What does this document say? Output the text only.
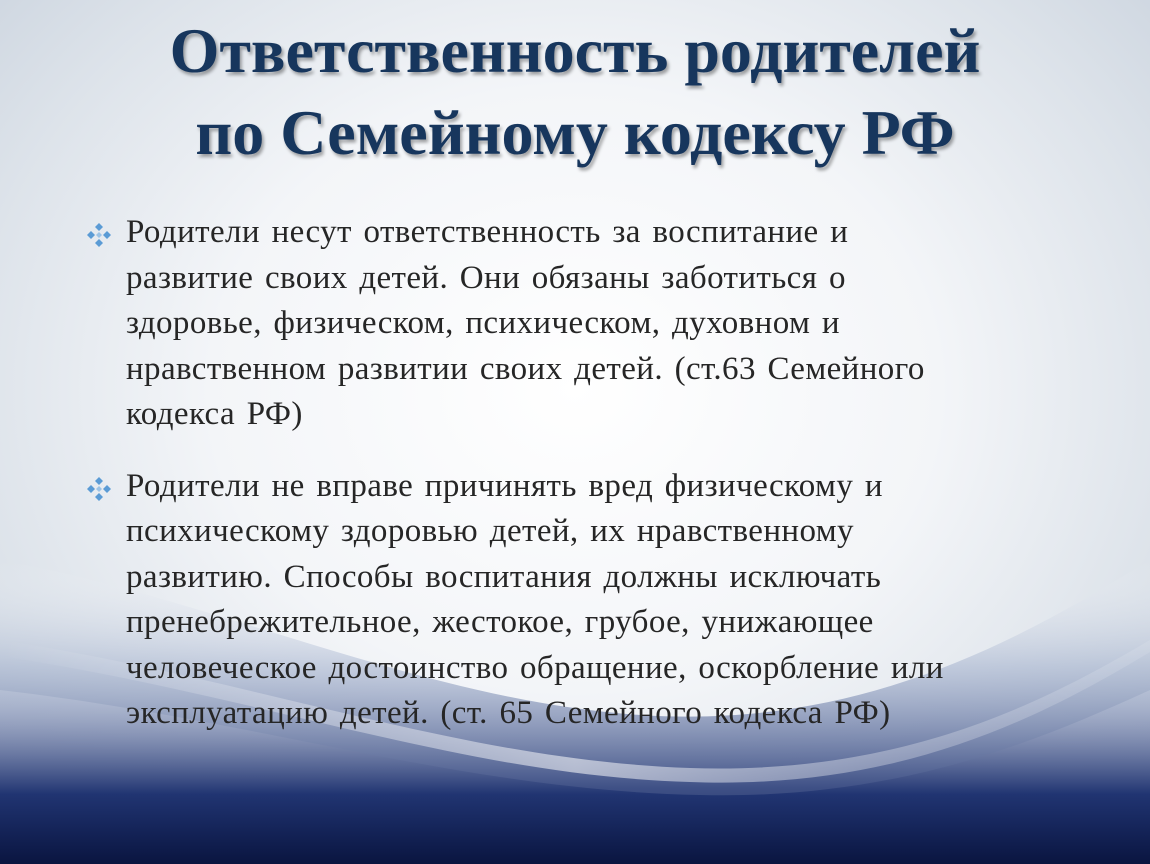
Ответственность родителей
по Семейному кодексу РФ
Родители несут ответственность за воспитание и
развитие своих детей. Они обязаны заботиться о
здоровье, физическом, психическом, духовном и
нравственном развитии своих детей. (ст.63 Семейного
кодекса РФ)
Родители не вправе причинять вред физическому и
психическому здоровью детей, их нравственному
развитию. Способы воспитания должны исключать
пренебрежительное, жестокое, грубое, унижающее
человеческое достоинство обращение, оскорбление или
эксплуатацию детей. (ст. 65 Семейного кодекса РФ)
